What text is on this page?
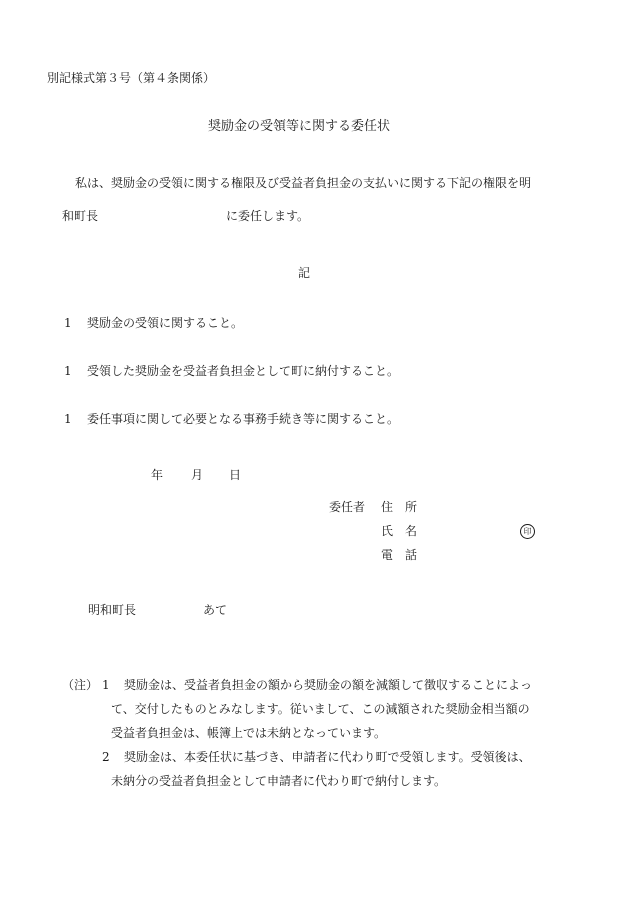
別記様式第３号（第４条関係）
奨励金の受領等に関する委任状
私は、奨励金の受領に関する権限及び受益者負担金の支払いに関する下記の権限を明
和町長	に委任します。
記
1 奨励金の受領に関すること。
1 受領した奨励金を受益者負担金として町に納付すること。
1 委任事項に関して必要となる事務手続き等に関すること。
年 月 日
委任者 住　所
氏　名	印
電　話
明和町長	あて
（注） 1 奨励金は、受益者負担金の額から奨励金の額を減額して徴収することによっ
て、交付したものとみなします。従いまして、この減額された奨励金相当額の
受益者負担金は、帳簿上では未納となっています。
2 奨励金は、本委任状に基づき、申請者に代わり町で受領します。受領後は、
未納分の受益者負担金として申請者に代わり町で納付します。
